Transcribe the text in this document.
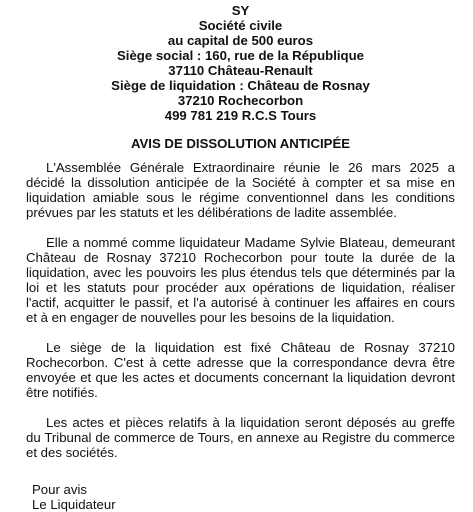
SY
Société civile
au capital de 500 euros
Siège social : 160, rue de la République
37110 Château-Renault
Siège de liquidation : Château de Rosnay
37210 Rochecorbon
499 781 219 R.C.S Tours
AVIS DE DISSOLUTION ANTICIPÉE

L'Assemblée Générale Extraordinaire réunie le 26 mars 2025 a décidé la dissolution anticipée de la Société à compter et sa mise en liquidation amiable sous le régime conventionnel dans les conditions prévues par les statuts et les délibérations de ladite assemblée.

Elle a nommé comme liquidateur Madame Sylvie Blateau, demeurant Château de Rosnay 37210 Rochecorbon pour toute la durée de la liquidation, avec les pouvoirs les plus étendus tels que déterminés par la loi et les statuts pour procéder aux opérations de liquidation, réaliser l'actif, acquitter le passif, et l'a autorisé à continuer les affaires en cours et à en engager de nouvelles pour les besoins de la liquidation.

Le siège de la liquidation est fixé Château de Rosnay 37210 Rochecorbon. C'est à cette adresse que la correspondance devra être envoyée et que les actes et documents concernant la liquidation devront être notifiés.

Les actes et pièces relatifs à la liquidation seront déposés au greffe du Tribunal de commerce de Tours, en annexe au Registre du commerce et des sociétés.

Pour avis
Le Liquidateur
